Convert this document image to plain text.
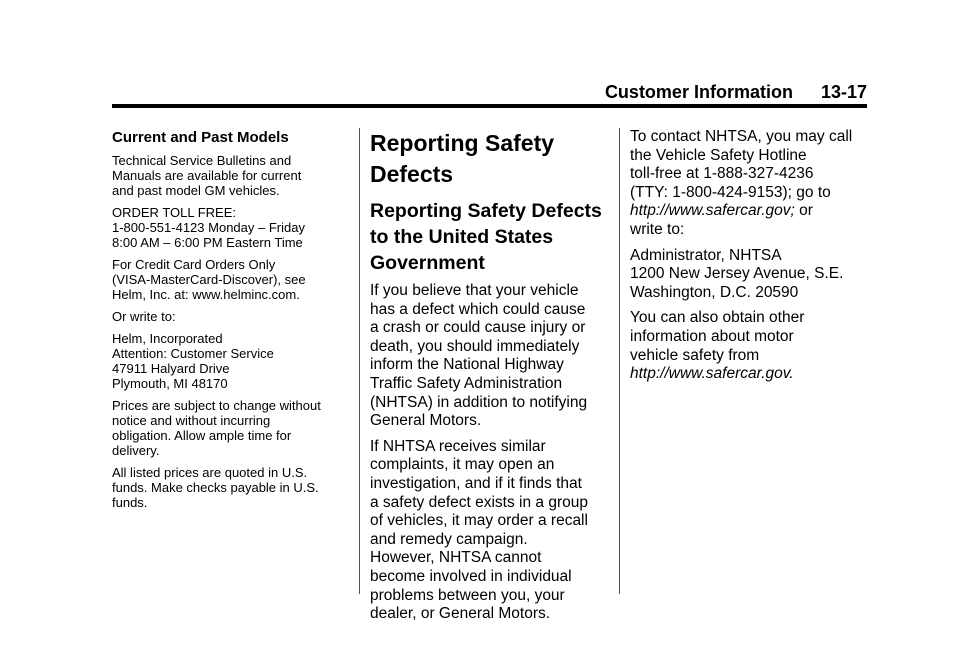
Customer Information 13-17
Current and Past Models

Technical Service Bulletins and
Manuals are available for current
and past model GM vehicles.

ORDER TOLL FREE:
1-800-551-4123 Monday – Friday
8:00 AM – 6:00 PM Eastern Time

For Credit Card Orders Only
(VISA-MasterCard-Discover), see
Helm, Inc. at: www.helminc.com.

Or write to:

Helm, Incorporated
Attention: Customer Service
47911 Halyard Drive
Plymouth, MI 48170

Prices are subject to change without
notice and without incurring
obligation. Allow ample time for
delivery.

All listed prices are quoted in U.S.
funds. Make checks payable in U.S.
funds.

Reporting Safety
Defects
Reporting Safety Defects
to the United States
Government

If you believe that your vehicle
has a defect which could cause
a crash or could cause injury or
death, you should immediately
inform the National Highway
Traffic Safety Administration
(NHTSA) in addition to notifying
General Motors.

If NHTSA receives similar
complaints, it may open an
investigation, and if it finds that
a safety defect exists in a group
of vehicles, it may order a recall
and remedy campaign.
However, NHTSA cannot
become involved in individual
problems between you, your
dealer, or General Motors.

To contact NHTSA, you may call
the Vehicle Safety Hotline
toll-free at 1-888-327-4236
(TTY: 1-800-424-9153); go to
http://www.safercar.gov; or
write to:

Administrator, NHTSA
1200 New Jersey Avenue, S.E.
Washington, D.C. 20590

You can also obtain other
information about motor
vehicle safety from
http://www.safercar.gov.
